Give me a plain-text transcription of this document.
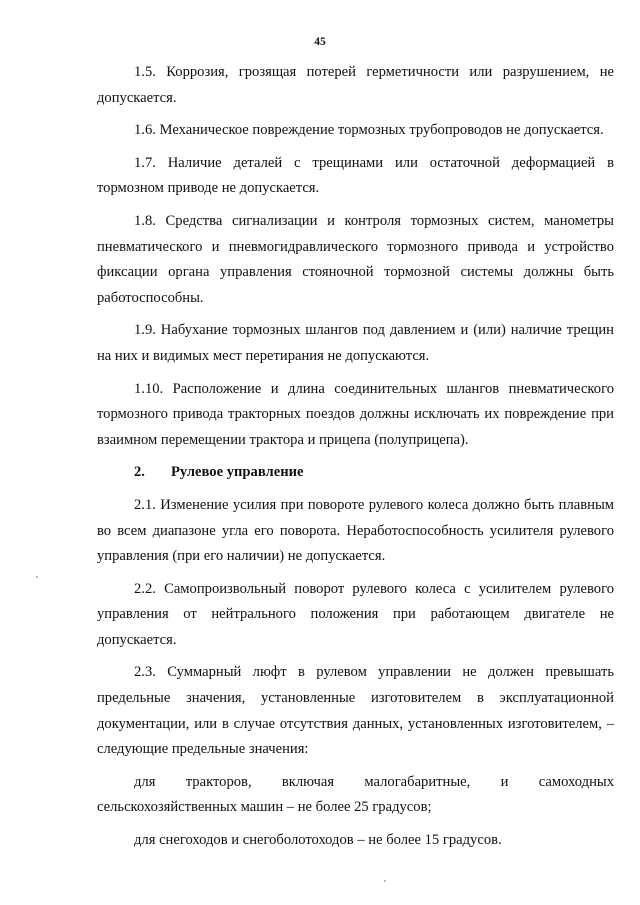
45

1.5. Коррозия, грозящая потерей герметичности или разрушением, не допускается.

1.6. Механическое повреждение тормозных трубопроводов не допускается.

1.7. Наличие деталей с трещинами или остаточной деформацией в тормозном приводе не допускается.

1.8. Средства сигнализации и контроля тормозных систем, манометры пневматического и пневмогидравлического тормозного привода и устройство фиксации органа управления стояночной тормозной системы должны быть работоспособны.

1.9. Набухание тормозных шлангов под давлением и (или) наличие трещин на них и видимых мест перетирания не допускаются.

1.10. Расположение и длина соединительных шлангов пневматического тормозного привода тракторных поездов должны исключать их повреждение при взаимном перемещении трактора и прицепа (полуприцепа).

2. Рулевое управление

2.1. Изменение усилия при повороте рулевого колеса должно быть плавным во всем диапазоне угла его поворота. Неработоспособность усилителя рулевого управления (при его наличии) не допускается.

2.2. Самопроизвольный поворот рулевого колеса с усилителем рулевого управления от нейтрального положения при работающем двигателе не допускается.

2.3. Суммарный люфт в рулевом управлении не должен превышать предельные значения, установленные изготовителем в эксплуатационной документации, или в случае отсутствия данных, установленных изготовителем, – следующие предельные значения:

для тракторов, включая малогабаритные, и самоходных сельскохозяйственных машин – не более 25 градусов;

для снегоходов и снегоболотоходов – не более 15 градусов.
